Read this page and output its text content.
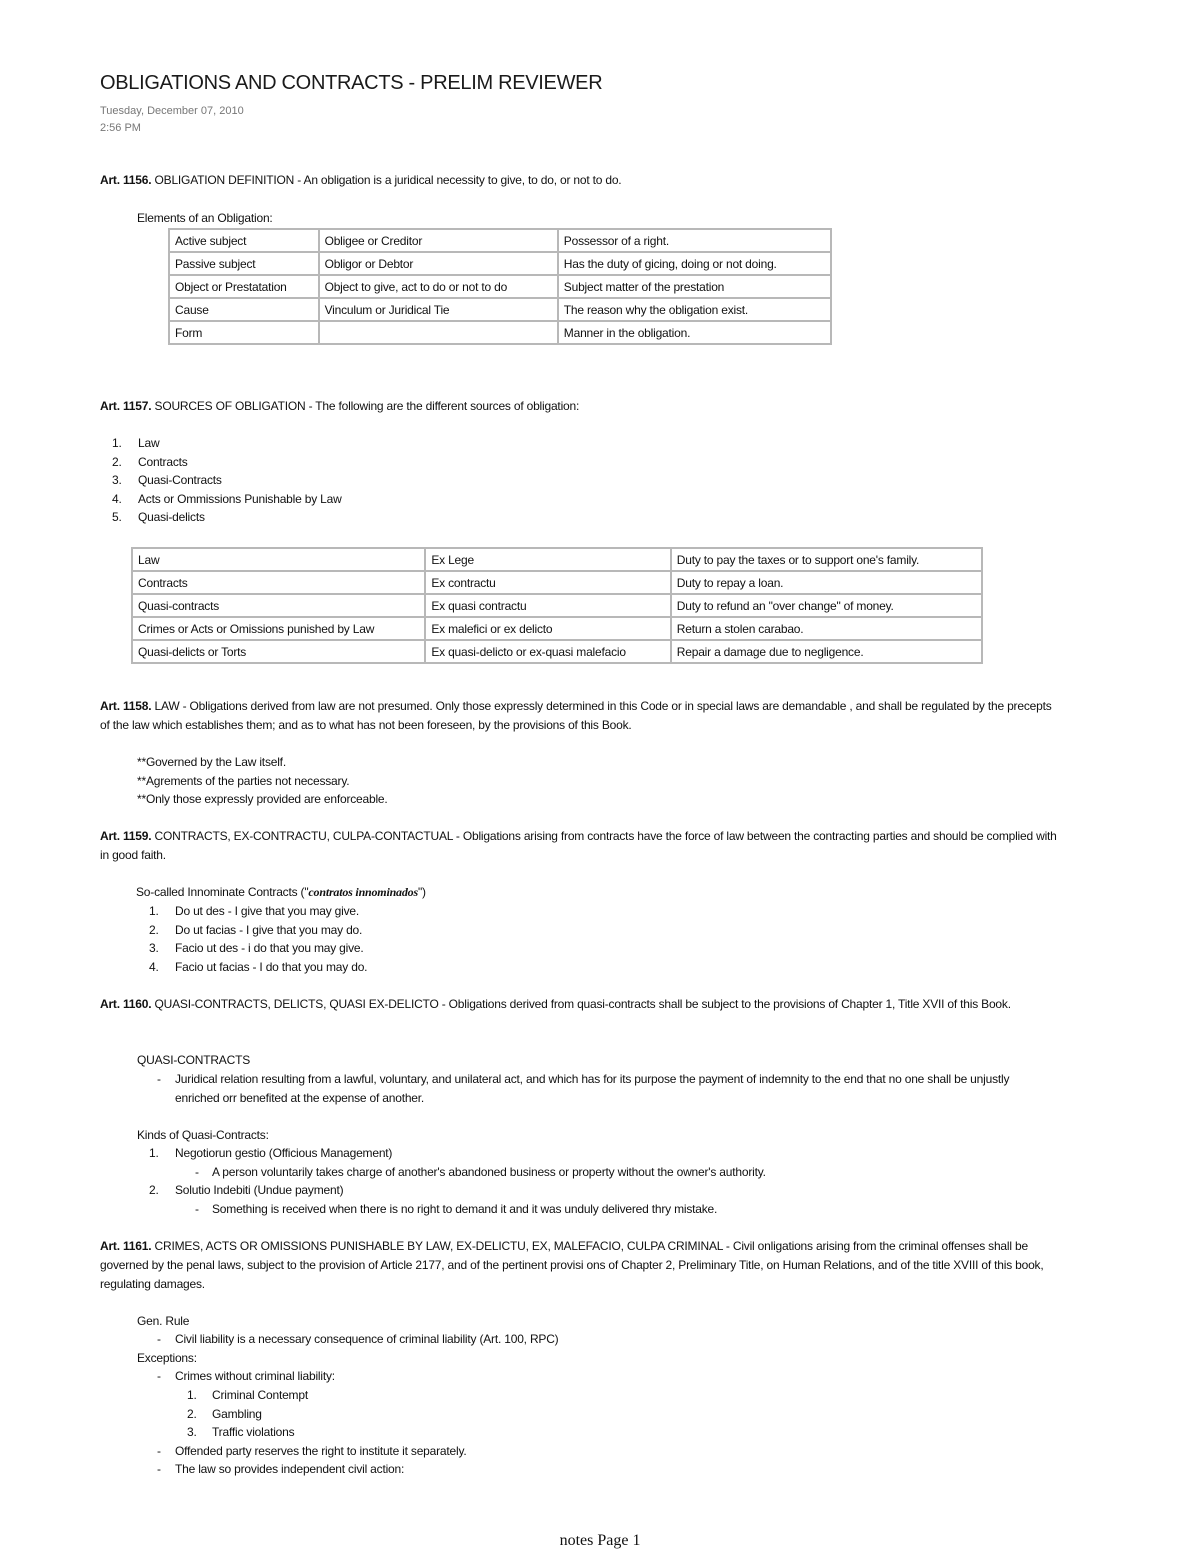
OBLIGATIONS AND CONTRACTS - PRELIM REVIEWER
Tuesday, December 07, 2010
2:56 PM
Art. 1156. OBLIGATION DEFINITION - An obligation is a juridical necessity to give, to do, or not to do.
Elements of an Obligation:
Active subject	Obligee or Creditor	Possessor of a right.
Passive subject	Obligor or Debtor	Has the duty of gicing, doing or not doing.
Object or Prestatation	Object to give, act to do or not to do	Subject matter of the prestation
Cause	Vinculum or Juridical Tie	The reason why the obligation exist.
Form		Manner in the obligation.
Art. 1157. SOURCES OF OBLIGATION - The following are the different sources of obligation:
1. Law
2. Contracts
3. Quasi-Contracts
4. Acts or Ommissions Punishable by Law
5. Quasi-delicts
Law	Ex Lege	Duty to pay the taxes or to support one's family.
Contracts	Ex contractu	Duty to repay a loan.
Quasi-contracts	Ex quasi contractu	Duty to refund an "over change" of money.
Crimes or Acts or Omissions punished by Law	Ex malefici or ex delicto	Return a stolen carabao.
Quasi-delicts or Torts	Ex quasi-delicto or ex-quasi malefacio	Repair a damage due to negligence.
Art. 1158. LAW - Obligations derived from law are not presumed. Only those expressly determined in this Code or in special laws are demandable , and shall be regulated by the precepts of the law which establishes them; and as to what has not been foreseen, by the provisions of this Book.
**Governed by the Law itself.
**Agrements of the parties not necessary.
**Only those expressly provided are enforceable.
Art. 1159. CONTRACTS, EX-CONTRACTU, CULPA-CONTACTUAL - Obligations arising from contracts have the force of law between the contracting parties and should be complied with in good faith.
So-called Innominate Contracts ("contratos innominados")
1. Do ut des - I give that you may give.
2. Do ut facias - I give that you may do.
3. Facio ut des - i do that you may give.
4. Facio ut facias - I do that you may do.
Art. 1160. QUASI-CONTRACTS, DELICTS, QUASI EX-DELICTO - Obligations derived from quasi-contracts shall be subject to the provisions of Chapter 1, Title XVII of this Book.
QUASI-CONTRACTS
- Juridical relation resulting from a lawful, voluntary, and unilateral act, and which has for its purpose the payment of indemnity to the end that no one shall be unjustly enriched orr benefited at the expense of another.
Kinds of Quasi-Contracts:
1. Negotiorun gestio (Officious Management)
- A person voluntarily takes charge of another's abandoned business or property without the owner's authority.
2. Solutio Indebiti (Undue payment)
- Something is received when there is no right to demand it and it was unduly delivered thry mistake.
Art. 1161. CRIMES, ACTS OR OMISSIONS PUNISHABLE BY LAW, EX-DELICTU, EX, MALEFACIO, CULPA CRIMINAL - Civil onligations arising from the criminal offenses shall be governed by the penal laws, subject to the provision of Article 2177, and of the pertinent provisi ons of Chapter 2, Preliminary Title, on Human Relations, and of the title XVIII of this book, regulating damages.
Gen. Rule
- Civil liability is a necessary consequence of criminal liability (Art. 100, RPC)
Exceptions:
- Crimes without criminal liability:
1. Criminal Contempt
2. Gambling
3. Traffic violations
- Offended party reserves the right to institute it separately.
- The law so provides independent civil action:
notes Page 1
